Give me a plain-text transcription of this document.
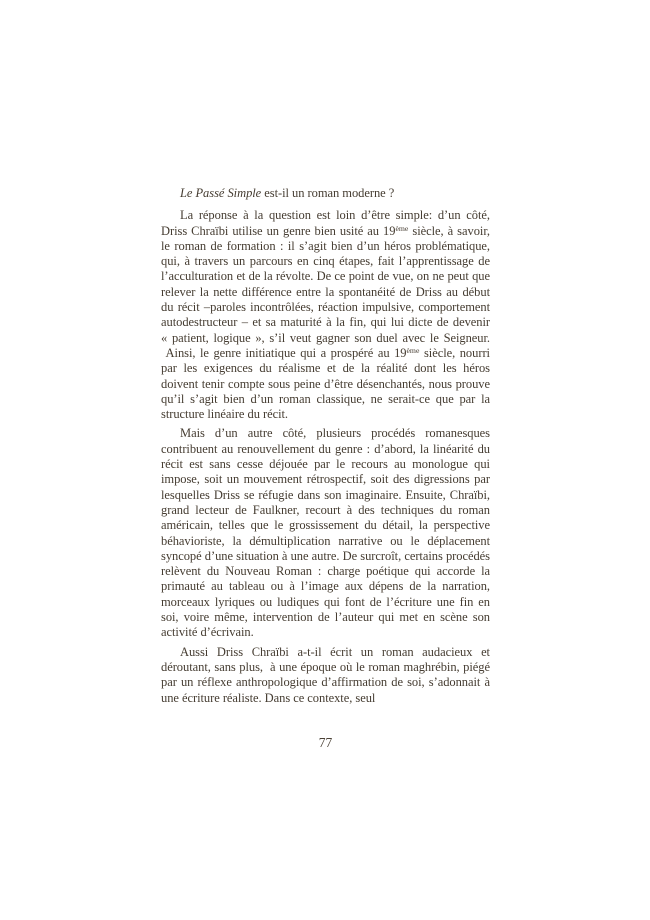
Le Passé Simple est-il un roman moderne ?

La réponse à la question est loin d’être simple: d’un côté, Driss Chraïbi utilise un genre bien usité au 19ème siècle, à savoir, le roman de formation : il s’agit bien d’un héros problématique, qui, à travers un parcours en cinq étapes, fait l’apprentissage de l’acculturation et de la révolte. De ce point de vue, on ne peut que relever la nette différence entre la spontanéité de Driss au début du récit –paroles incontrôlées, réaction impulsive, comportement autodestructeur – et sa maturité à la fin, qui lui dicte de devenir « patient, logique », s’il veut gagner son duel avec le Seigneur.  Ainsi, le genre initiatique qui a prospéré au 19ème siècle, nourri par les exigences du réalisme et de la réalité dont les héros doivent tenir compte sous peine d’être désenchantés, nous prouve qu’il s’agit bien d’un roman classique, ne serait-ce que par la structure linéaire du récit.

Mais d’un autre côté, plusieurs procédés romanesques contribuent au renouvellement du genre : d’abord, la linéarité du récit est sans cesse déjouée par le recours au monologue qui impose, soit un mouvement rétrospectif, soit des digressions par lesquelles Driss se réfugie dans son imaginaire. Ensuite, Chraïbi, grand lecteur de Faulkner, recourt à des techniques du roman américain, telles que le grossissement du détail, la perspective béhavioriste, la démultiplication narrative ou le déplacement syncopé d’une situation à une autre. De surcroît, certains procédés relèvent du Nouveau Roman : charge poétique qui accorde la primauté au tableau ou à l’image aux dépens de la narration, morceaux lyriques ou ludiques qui font de l’écriture une fin en soi, voire même, intervention de l’auteur qui met en scène son activité d’écrivain.

Aussi Driss Chraïbi a-t-il écrit un roman audacieux et déroutant, sans plus,  à une époque où le roman maghrébin, piégé par un réflexe anthropologique d’affirmation de soi, s’adonnait à une écriture réaliste. Dans ce contexte, seul

77
